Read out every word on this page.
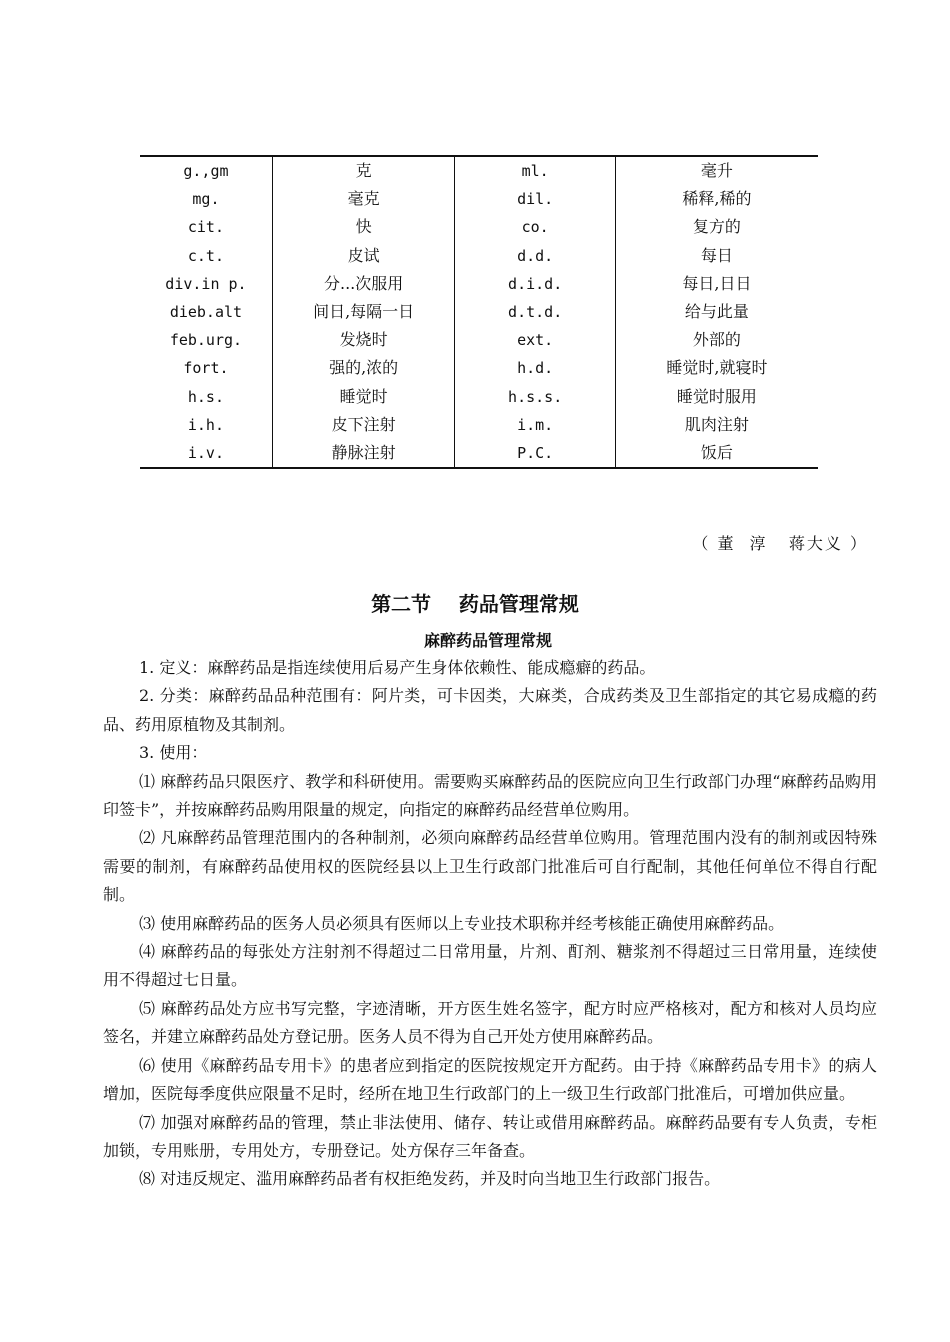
g.,gm	克	ml.	毫升
mg.	毫克	dil.	稀释,稀的
cit.	快	co.	复方的
c.t.	皮试	d.d.	每日
div.in p.	分...次服用	d.i.d.	每日,日日
dieb.alt	间日,每隔一日	d.t.d.	给与此量
feb.urg.	发烧时	ext.	外部的
fort.	强的,浓的	h.d.	睡觉时,就寝时
h.s.	睡觉时	h.s.s.	睡觉时服用
i.h.	皮下注射	i.m.	肌肉注射
i.v.	静脉注射	P.C.	饭后
（ 董  淳   蒋大义 ）
第二节    药品管理常规
麻醉药品管理常规

1. 定义：麻醉药品是指连续使用后易产生身体依赖性、能成瘾癖的药品。

2. 分类：麻醉药品品种范围有：阿片类，可卡因类，大麻类，合成药类及卫生部指定的其它易成瘾的药品、药用原植物及其制剂。

3. 使用：

⑴ 麻醉药品只限医疗、教学和科研使用。需要购买麻醉药品的医院应向卫生行政部门办理“麻醉药品购用印签卡”，并按麻醉药品购用限量的规定，向指定的麻醉药品经营单位购用。

⑵ 凡麻醉药品管理范围内的各种制剂，必须向麻醉药品经营单位购用。管理范围内没有的制剂或因特殊需要的制剂，有麻醉药品使用权的医院经县以上卫生行政部门批准后可自行配制，其他任何单位不得自行配制。

⑶ 使用麻醉药品的医务人员必须具有医师以上专业技术职称并经考核能正确使用麻醉药品。

⑷ 麻醉药品的每张处方注射剂不得超过二日常用量，片剂、酊剂、糖浆剂不得超过三日常用量，连续使用不得超过七日量。

⑸ 麻醉药品处方应书写完整，字迹清晰，开方医生姓名签字，配方时应严格核对，配方和核对人员均应签名，并建立麻醉药品处方登记册。医务人员不得为自己开处方使用麻醉药品。

⑹ 使用《麻醉药品专用卡》的患者应到指定的医院按规定开方配药。由于持《麻醉药品专用卡》的病人增加，医院每季度供应限量不足时，经所在地卫生行政部门的上一级卫生行政部门批准后，可增加供应量。

⑺ 加强对麻醉药品的管理，禁止非法使用、储存、转让或借用麻醉药品。麻醉药品要有专人负责，专柜加锁，专用账册，专用处方，专册登记。处方保存三年备查。

⑻ 对违反规定、滥用麻醉药品者有权拒绝发药，并及时向当地卫生行政部门报告。
